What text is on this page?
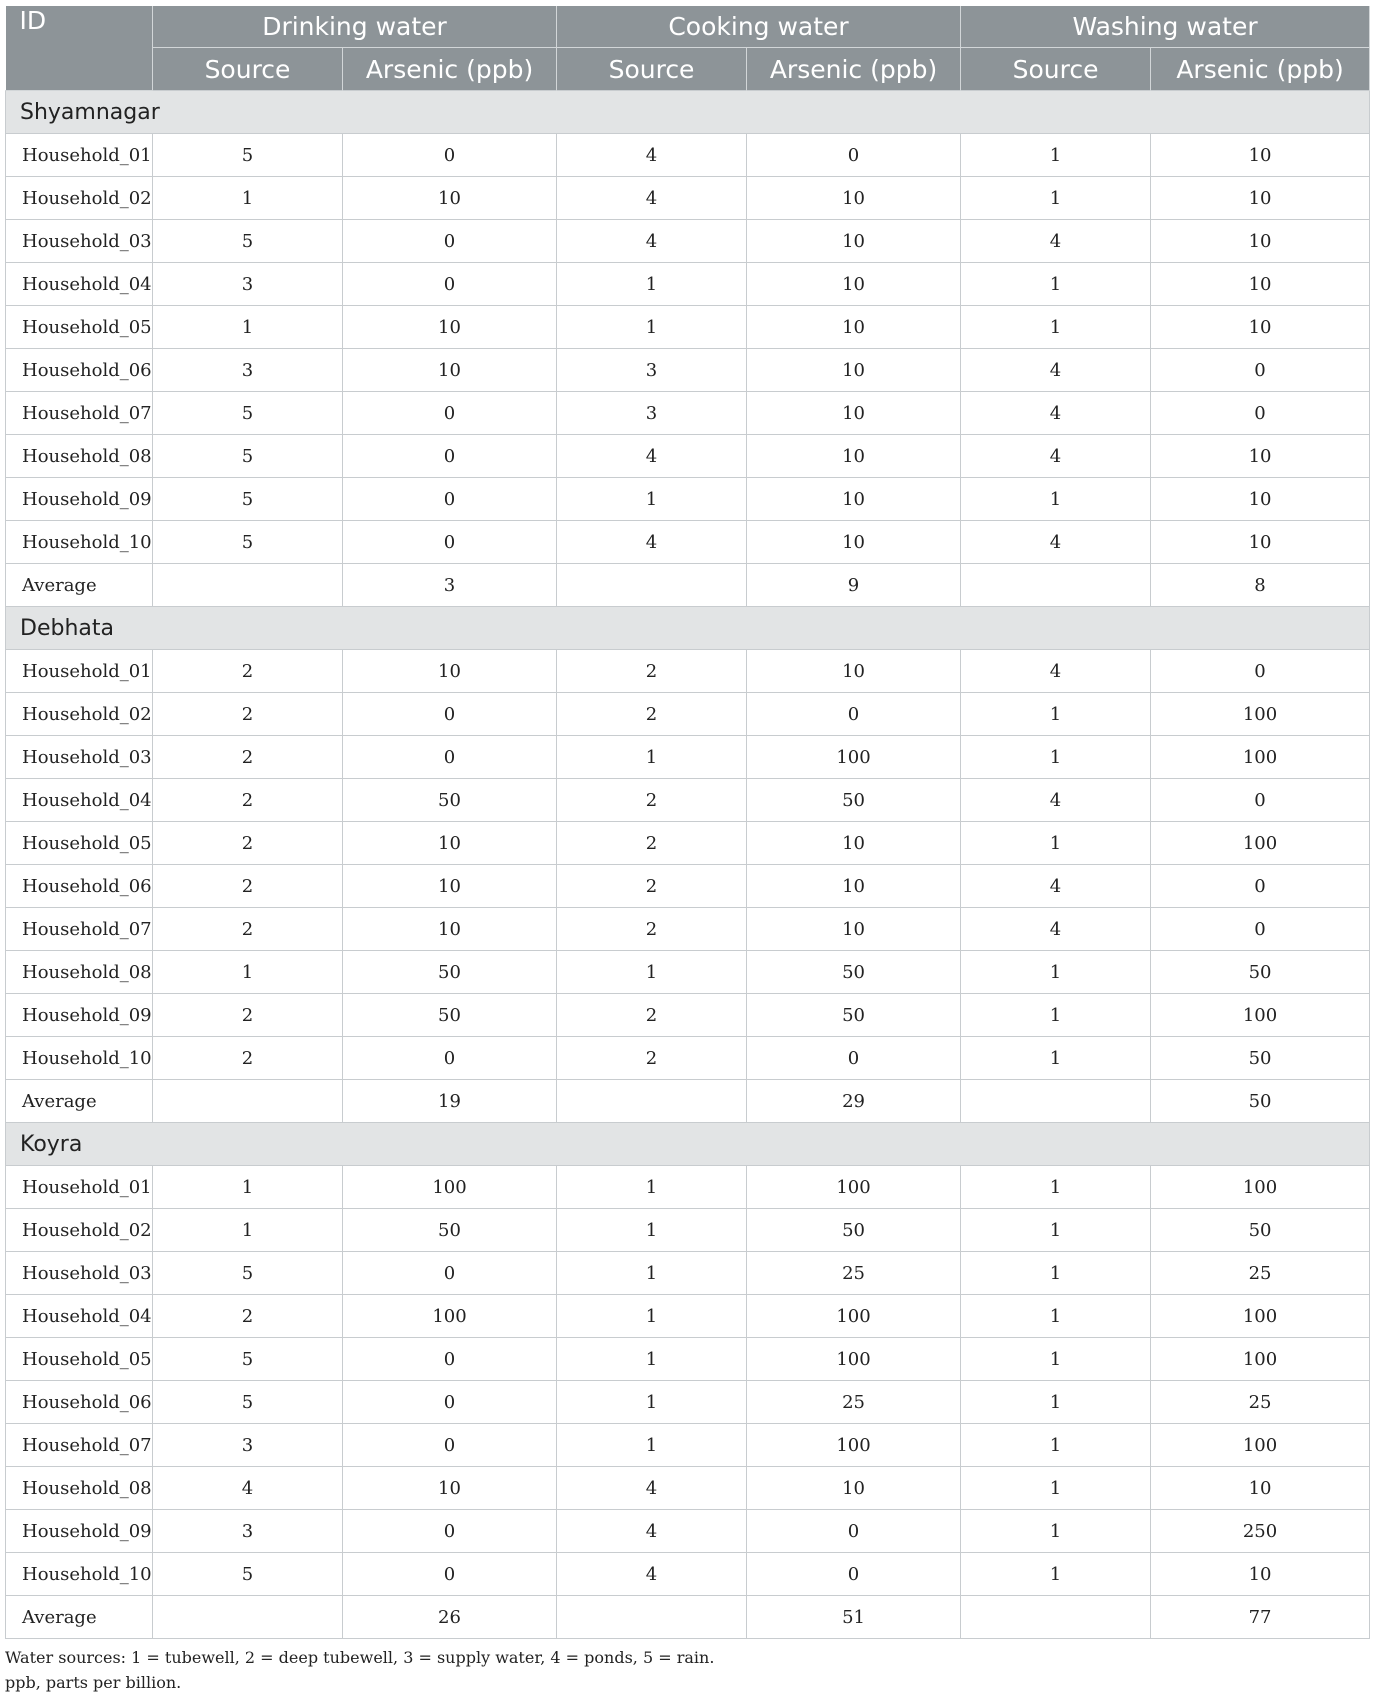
ID	Drinking water		Cooking water		Washing water	
	Source	Arsenic (ppb)	Source	Arsenic (ppb)	Source	Arsenic (ppb)
Shyamnagar						
Household_01	5	0	4	0	1	10
Household_02	1	10	4	10	1	10
Household_03	5	0	4	10	4	10
Household_04	3	0	1	10	1	10
Household_05	1	10	1	10	1	10
Household_06	3	10	3	10	4	0
Household_07	5	0	3	10	4	0
Household_08	5	0	4	10	4	10
Household_09	5	0	1	10	1	10
Household_10	5	0	4	10	4	10
Average		3		9		8
Debhata						
Household_01	2	10	2	10	4	0
Household_02	2	0	2	0	1	100
Household_03	2	0	1	100	1	100
Household_04	2	50	2	50	4	0
Household_05	2	10	2	10	1	100
Household_06	2	10	2	10	4	0
Household_07	2	10	2	10	4	0
Household_08	1	50	1	50	1	50
Household_09	2	50	2	50	1	100
Household_10	2	0	2	0	1	50
Average		19		29		50
Koyra						
Household_01	1	100	1	100	1	100
Household_02	1	50	1	50	1	50
Household_03	5	0	1	25	1	25
Household_04	2	100	1	100	1	100
Household_05	5	0	1	100	1	100
Household_06	5	0	1	25	1	25
Household_07	3	0	1	100	1	100
Household_08	4	10	4	10	1	10
Household_09	3	0	4	0	1	250
Household_10	5	0	4	0	1	10
Average		26		51		77
Water sources: 1 = tubewell, 2 = deep tubewell, 3 = supply water, 4 = ponds, 5 = rain.
ppb, parts per billion.
